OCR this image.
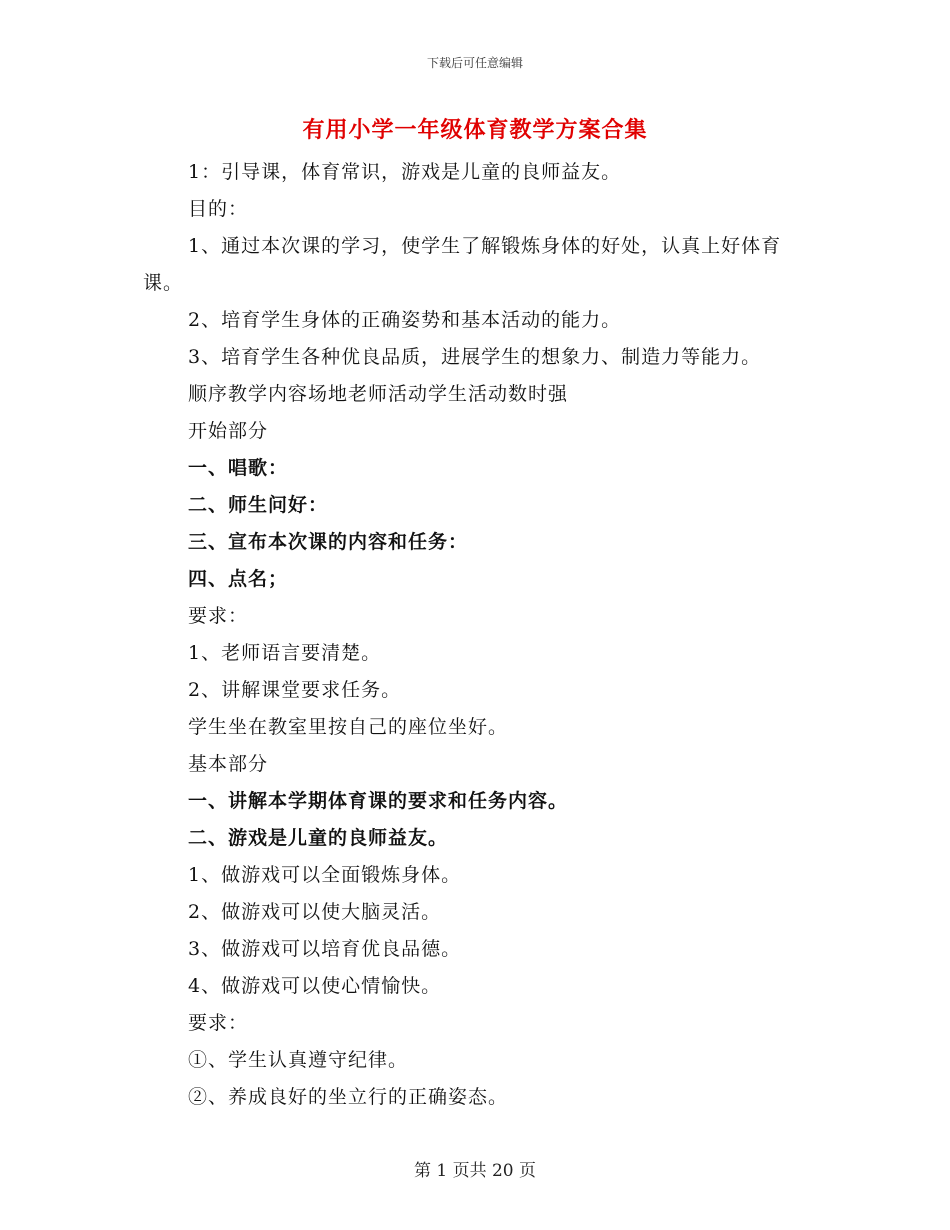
下载后可任意编辑
有用小学一年级体育教学方案合集
1：引导课，体育常识，游戏是儿童的良师益友。
目的：
1、通过本次课的学习，使学生了解锻炼身体的好处，认真上好体育课。
2、培育学生身体的正确姿势和基本活动的能力。
3、培育学生各种优良品质，进展学生的想象力、制造力等能力。
顺序教学内容场地老师活动学生活动数时强
开始部分
一、唱歌：
二、师生问好：
三、宣布本次课的内容和任务：
四、点名；
要求：
1、老师语言要清楚。
2、讲解课堂要求任务。
学生坐在教室里按自己的座位坐好。
基本部分
一、讲解本学期体育课的要求和任务内容。
二、游戏是儿童的良师益友。
1、做游戏可以全面锻炼身体。
2、做游戏可以使大脑灵活。
3、做游戏可以培育优良品德。
4、做游戏可以使心情愉快。
要求：
①、学生认真遵守纪律。
②、养成良好的坐立行的正确姿态。
第 1 页共 20 页
